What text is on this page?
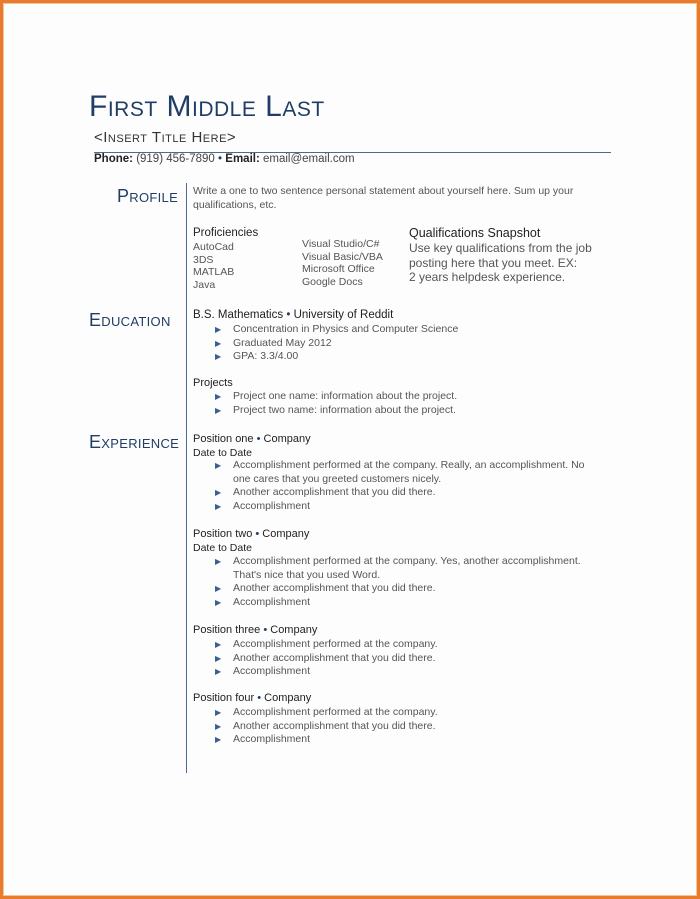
First Middle Last
<Insert Title Here>
Phone: (919) 456-7890 • Email: email@email.com
Profile
Education
Experience
Write a one to two sentence personal statement about yourself here. Sum up your
qualifications, etc.
Proficiencies
AutoCad
3DS
MATLAB
Java
Visual Studio/C#
Visual Basic/VBA
Microsoft Office
Google Docs
Qualifications Snapshot
Use key qualifications from the job
posting here that you meet. EX:
2 years helpdesk experience.
B.S. Mathematics • University of Reddit
▶ Concentration in Physics and Computer Science
▶ Graduated May 2012
▶ GPA: 3.3/4.00
Projects
▶ Project one name: information about the project.
▶ Project two name: information about the project.
Position one • Company
Date to Date
▶ Accomplishment performed at the company. Really, an accomplishment. No
one cares that you greeted customers nicely.
▶ Another accomplishment that you did there.
▶ Accomplishment
Position two • Company
Date to Date
▶ Accomplishment performed at the company. Yes, another accomplishment.
That's nice that you used Word.
▶ Another accomplishment that you did there.
▶ Accomplishment
Position three • Company
▶ Accomplishment performed at the company.
▶ Another accomplishment that you did there.
▶ Accomplishment
Position four • Company
▶ Accomplishment performed at the company.
▶ Another accomplishment that you did there.
▶ Accomplishment
